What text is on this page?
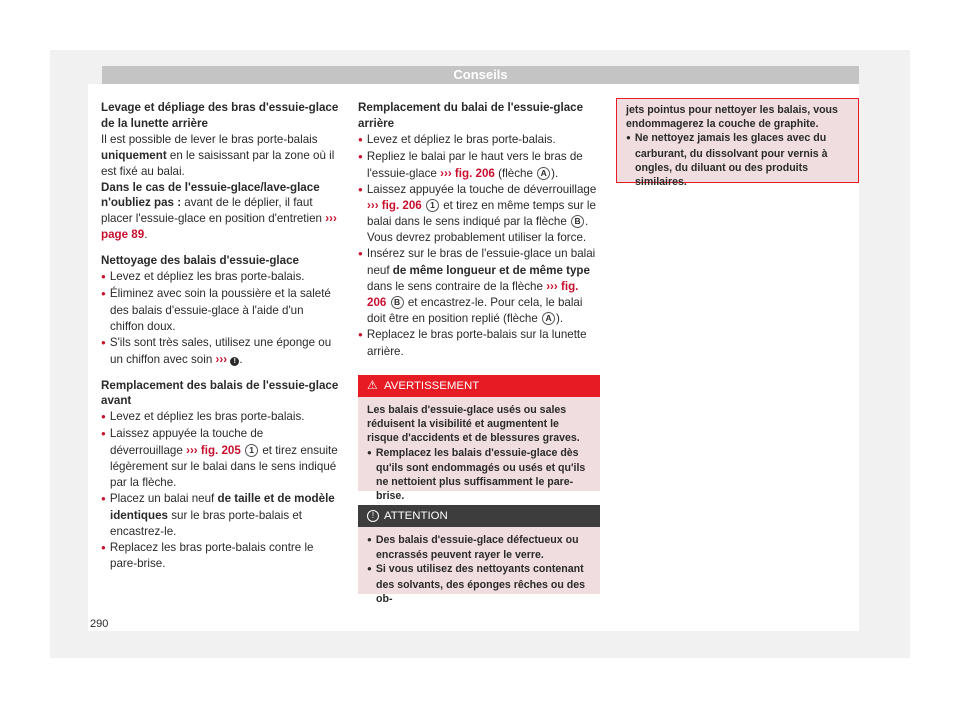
Conseils

Levage et dépliage des bras d'essuie-glace de la lunette arrière

Il est possible de lever le bras porte-balais uniquement en le saisissant par la zone où il est fixé au balai.

Dans le cas de l'essuie-glace/lave-glace n'oubliez pas : avant de le déplier, il faut placer l'essuie-glace en position d'entretien ››› page 89.

Nettoyage des balais d'essuie-glace

● Levez et dépliez les bras porte-balais.

● Éliminez avec soin la poussière et la saleté des balais d'essuie-glace à l'aide d'un chiffon doux.

● S'ils sont très sales, utilisez une éponge ou un chiffon avec soin ››› ! .

Remplacement des balais de l'essuie-glace avant

● Levez et dépliez les bras porte-balais.

● Laissez appuyée la touche de déverrouillage ››› fig. 205 1 et tirez ensuite légèrement sur le balai dans le sens indiqué par la flèche.

● Placez un balai neuf de taille et de modèle identiques sur le bras porte-balais et encastrez-le.

● Replacez les bras porte-balais contre le pare-brise.

Remplacement du balai de l'essuie-glace arrière

● Levez et dépliez le bras porte-balais.

● Repliez le balai par le haut vers le bras de l'essuie-glace ››› fig. 206 (flèche A ).

● Laissez appuyée la touche de déverrouillage ››› fig. 206 1 et tirez en même temps sur le balai dans le sens indiqué par la flèche B . Vous devrez probablement utiliser la force.

● Insérez sur le bras de l'essuie-glace un balai neuf de même longueur et de même type dans le sens contraire de la flèche ››› fig. 206 B et encastrez-le. Pour cela, le balai doit être en position replié (flèche A ).

● Replacez le bras porte-balais sur la lunette arrière.

⚠ AVERTISSEMENT

Les balais d'essuie-glace usés ou sales réduisent la visibilité et augmentent le risque d'accidents et de blessures graves.

● Remplacez les balais d'essuie-glace dès qu'ils sont endommagés ou usés et qu'ils ne nettoient plus suffisamment le pare-brise.

! ATTENTION

● Des balais d'essuie-glace défectueux ou encrassés peuvent rayer le verre.

● Si vous utilisez des nettoyants contenant des solvants, des éponges rêches ou des ob-

jets pointus pour nettoyer les balais, vous endommagerez la couche de graphite.

● Ne nettoyez jamais les glaces avec du carburant, du dissolvant pour vernis à ongles, du diluant ou des produits similaires.

290
